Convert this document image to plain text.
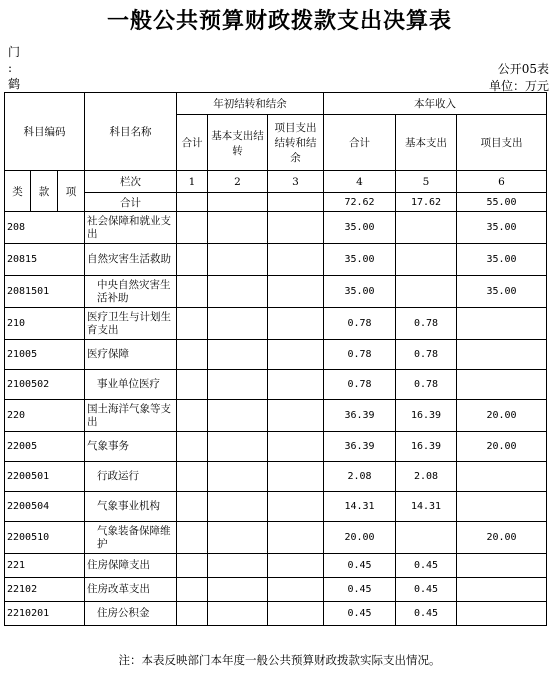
一般公共预算财政拨款支出决算表
门
:
鹤
公开05表
单位：万元
科目编码			科目名称	年初结转和结余			本年收入		
				合计	基本支出结转	项目支出结转和结余	合计	基本支出	项目支出
类	款	项	栏次	1	2	3	4	5	6
			合计				72.62	17.62	55.00
208			社会保障和就业支出				35.00		35.00
20815			自然灾害生活救助				35.00		35.00
2081501			中央自然灾害生活补助				35.00		35.00
210			医疗卫生与计划生育支出				0.78	0.78	
21005			医疗保障				0.78	0.78	
2100502			事业单位医疗				0.78	0.78	
220			国土海洋气象等支出				36.39	16.39	20.00
22005			气象事务				36.39	16.39	20.00
2200501			行政运行				2.08	2.08	
2200504			气象事业机构				14.31	14.31	
2200510			气象装备保障维护				20.00		20.00
221			住房保障支出				0.45	0.45	
22102			住房改革支出				0.45	0.45	
2210201			住房公积金				0.45	0.45	
注：本表反映部门本年度一般公共预算财政拨款实际支出情况。
